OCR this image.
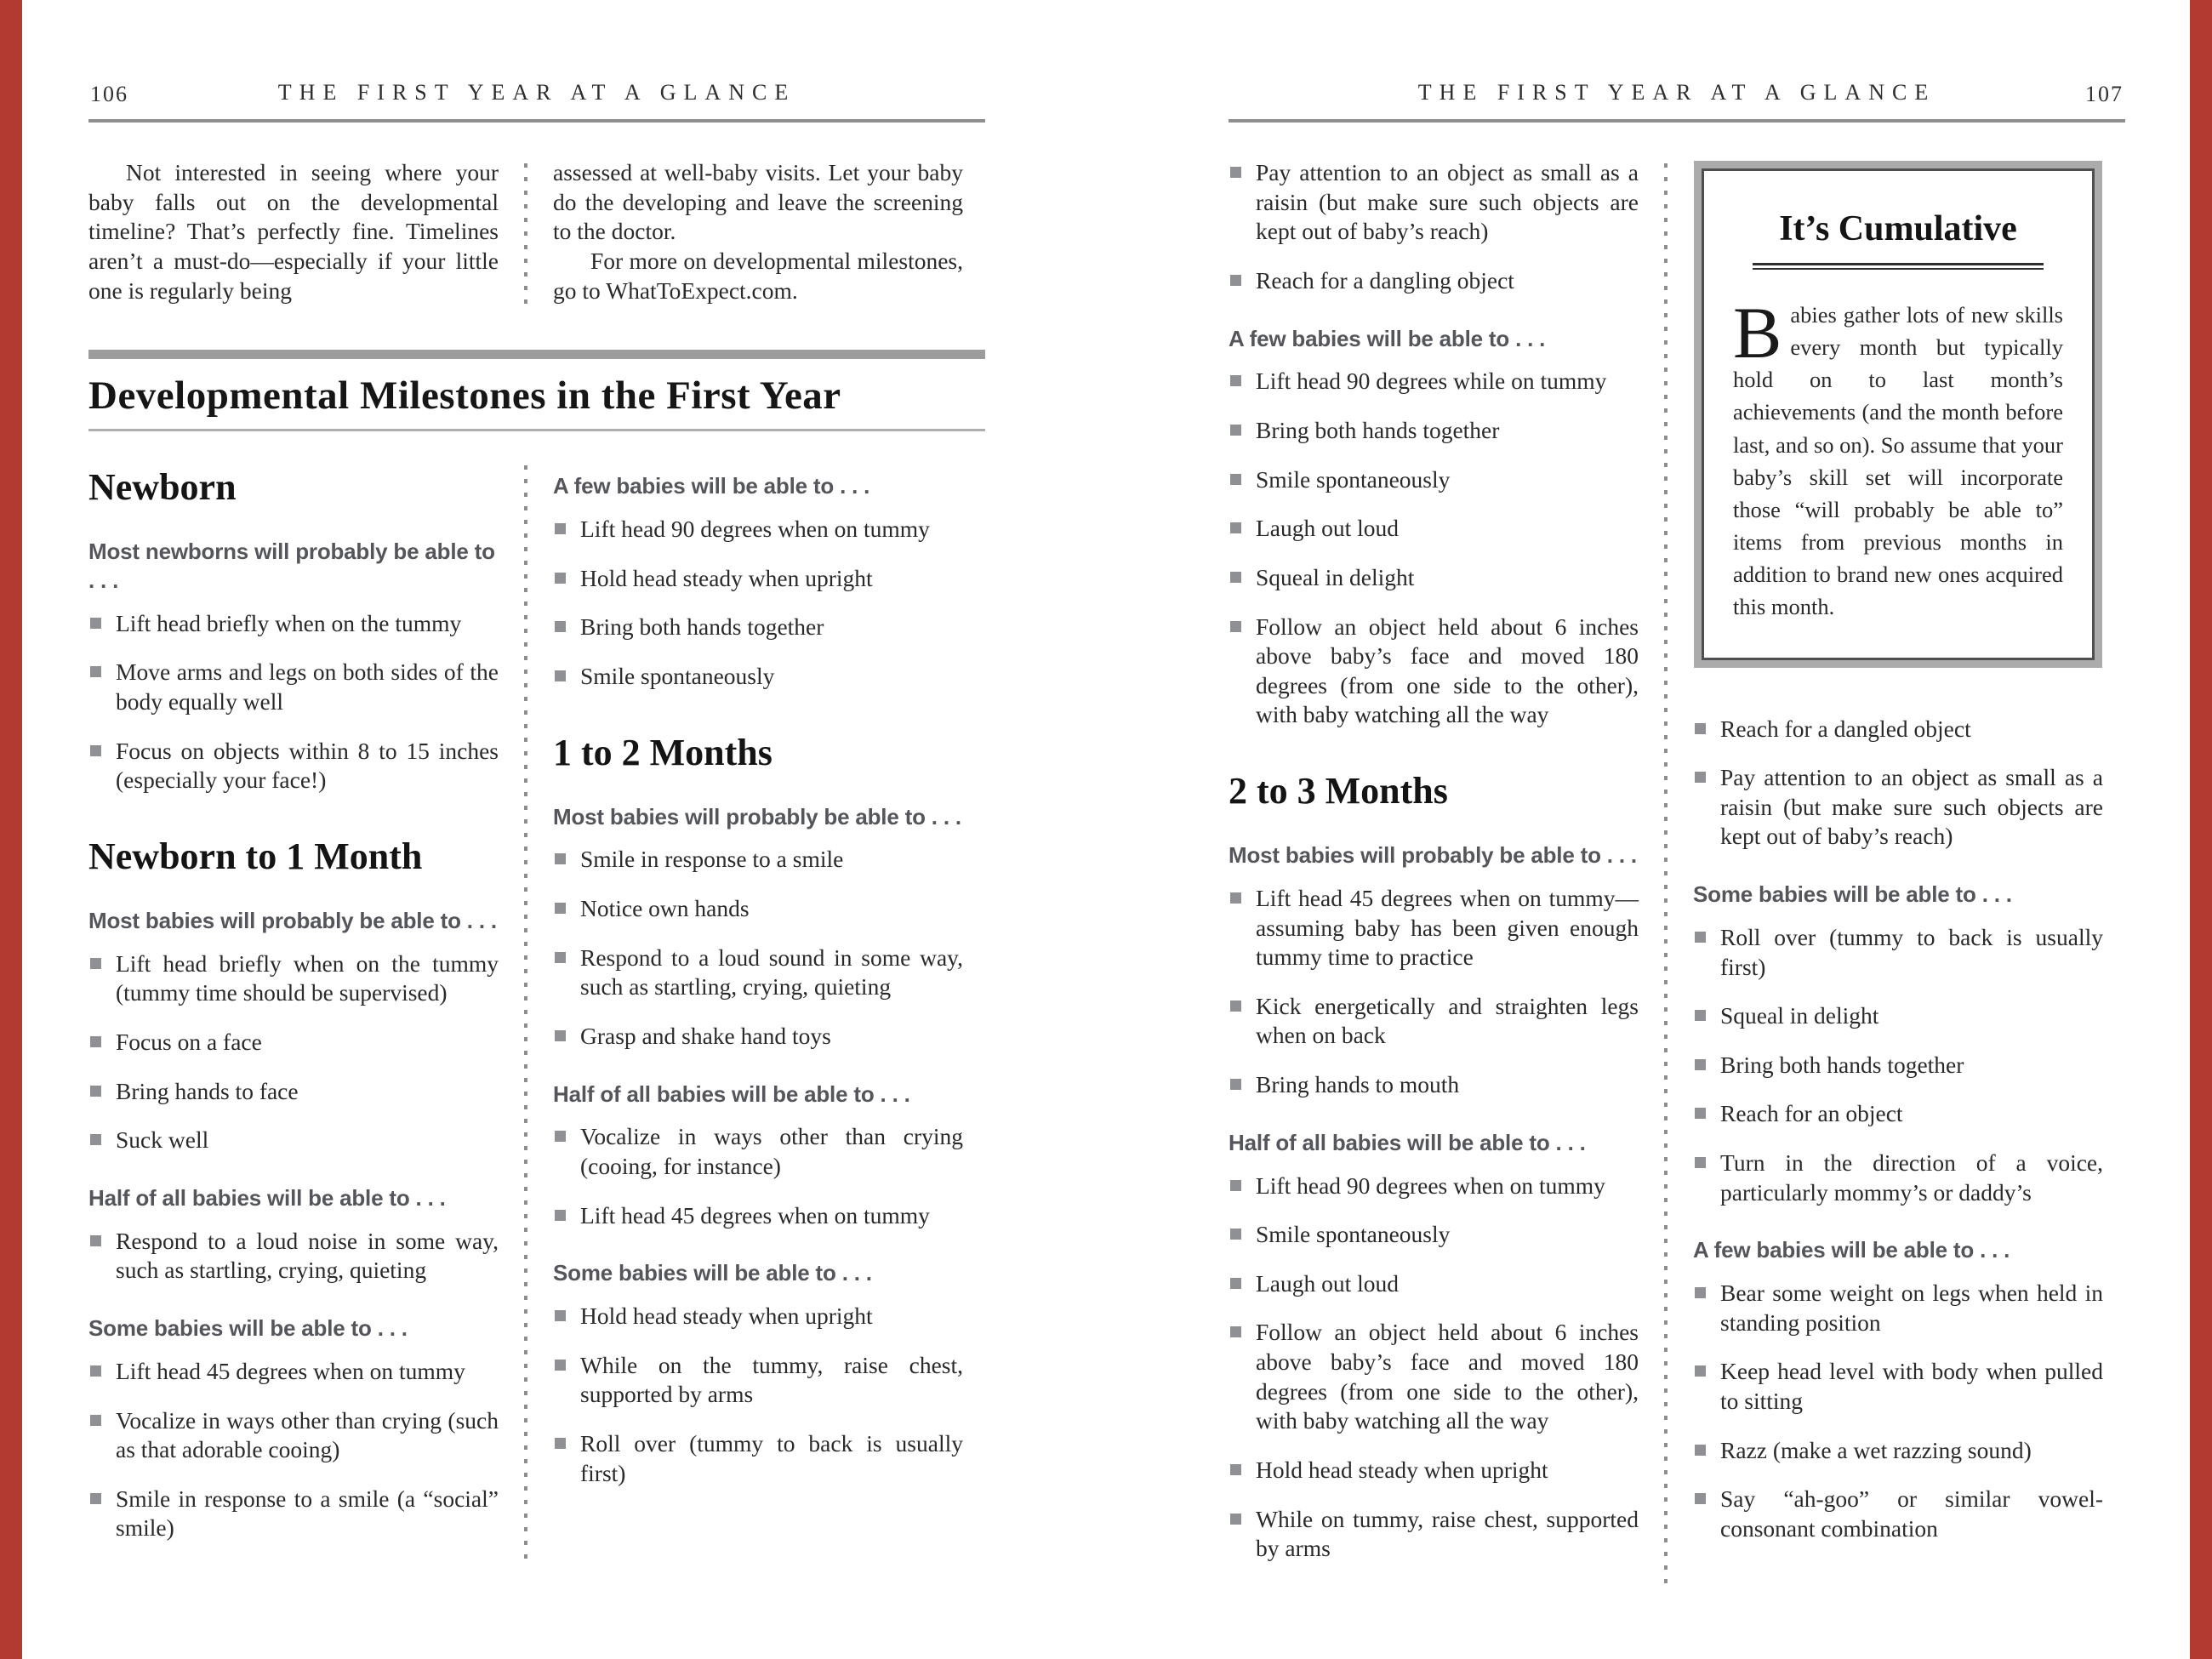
106	THE FIRST YEAR AT A GLANCE

Not interested in seeing where your baby falls out on the developmental timeline? That’s perfectly fine. Timelines aren’t a must-do—especially if your little one is regularly being

assessed at well-baby visits. Let your baby do the developing and leave the screening to the doctor.

For more on developmental milestones, go to WhatToExpect.com.

Developmental Milestones in the First Year
Newborn
Most newborns will probably be able to . . .
Lift head briefly when on the tummy
Move arms and legs on both sides of the body equally well
Focus on objects within 8 to 15 inches (especially your face!)
Newborn to 1 Month
Most babies will probably be able to . . .
Lift head briefly when on the tummy (tummy time should be supervised)
Focus on a face
Bring hands to face
Suck well
Half of all babies will be able to . . .
Respond to a loud noise in some way, such as startling, crying, quieting
Some babies will be able to . . .
Lift head 45 degrees when on tummy
Vocalize in ways other than crying (such as that adorable cooing)
Smile in response to a smile (a “social” smile)
A few babies will be able to . . .
Lift head 90 degrees when on tummy
Hold head steady when upright
Bring both hands together
Smile spontaneously
1 to 2 Months
Most babies will probably be able to . . .
Smile in response to a smile
Notice own hands
Respond to a loud sound in some way, such as startling, crying, quieting
Grasp and shake hand toys
Half of all babies will be able to . . .
Vocalize in ways other than crying (cooing, for instance)
Lift head 45 degrees when on tummy
Some babies will be able to . . .
Hold head steady when upright
While on the tummy, raise chest, supported by arms
Roll over (tummy to back is usually first)
THE FIRST YEAR AT A GLANCE	107
Pay attention to an object as small as a raisin (but make sure such objects are kept out of baby’s reach)
Reach for a dangling object
A few babies will be able to . . .
Lift head 90 degrees while on tummy
Bring both hands together
Smile spontaneously
Laugh out loud
Squeal in delight
Follow an object held about 6 inches above baby’s face and moved 180 degrees (from one side to the other), with baby watching all the way
2 to 3 Months
Most babies will probably be able to . . .
Lift head 45 degrees when on tummy—assuming baby has been given enough tummy time to practice
Kick energetically and straighten legs when on back
Bring hands to mouth
Half of all babies will be able to . . .
Lift head 90 degrees when on tummy
Smile spontaneously
Laugh out loud
Follow an object held about 6 inches above baby’s face and moved 180 degrees (from one side to the other), with baby watching all the way
Hold head steady when upright
While on tummy, raise chest, supported by arms
It’s Cumulative
Babies gather lots of new skills every month but typically hold on to last month’s achievements (and the month before last, and so on). So assume that your baby’s skill set will incorporate those “will probably be able to” items from previous months in addition to brand new ones acquired this month.
Reach for a dangled object
Pay attention to an object as small as a raisin (but make sure such objects are kept out of baby’s reach)
Some babies will be able to . . .
Roll over (tummy to back is usually first)
Squeal in delight
Bring both hands together
Reach for an object
Turn in the direction of a voice, particularly mommy’s or daddy’s
A few babies will be able to . . .
Bear some weight on legs when held in standing position
Keep head level with body when pulled to sitting
Razz (make a wet razzing sound)
Say “ah-goo” or similar vowel-consonant combination
